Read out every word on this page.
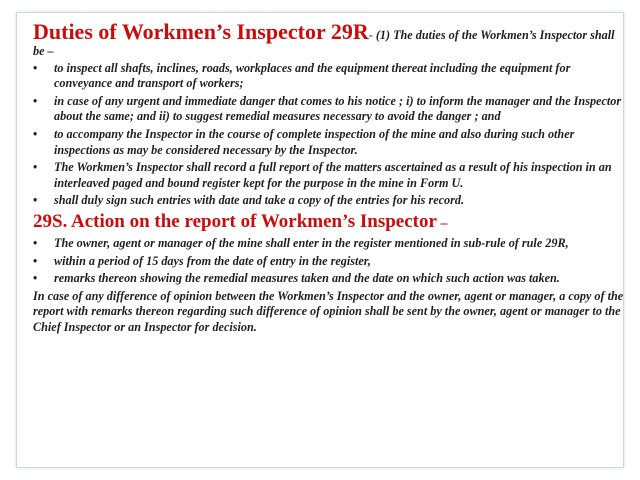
Duties of Workmen’s Inspector 29R- (1) The duties of the Workmen’s Inspector shall be –

• to inspect all shafts, inclines, roads, workplaces and the equipment thereat including the equipment for conveyance and transport of workers;
• in case of any urgent and immediate danger that comes to his notice ; i) to inform the manager and the Inspector about the same; and ii) to suggest remedial measures necessary to avoid the danger ; and
• to accompany the Inspector in the course of complete inspection of the mine and also during such other inspections as may be considered necessary by the Inspector.
• The Workmen’s Inspector shall record a full report of the matters ascertained as a result of his inspection in an interleaved paged and bound register kept for the purpose in the mine in Form U.
• shall duly sign such entries with date and take a copy of the entries for his record.
29S. Action on the report of Workmen’s Inspector –
• The owner, agent or manager of the mine shall enter in the register mentioned in sub-rule of rule 29R,
• within a period of 15 days from the date of entry in the register,
• remarks thereon showing the remedial measures taken and the date on which such action was taken.

In case of any difference of opinion between the Workmen’s Inspector and the owner, agent or manager, a copy of the report with remarks thereon regarding such difference of opinion shall be sent by the owner, agent or manager to the Chief Inspector or an Inspector for decision.
